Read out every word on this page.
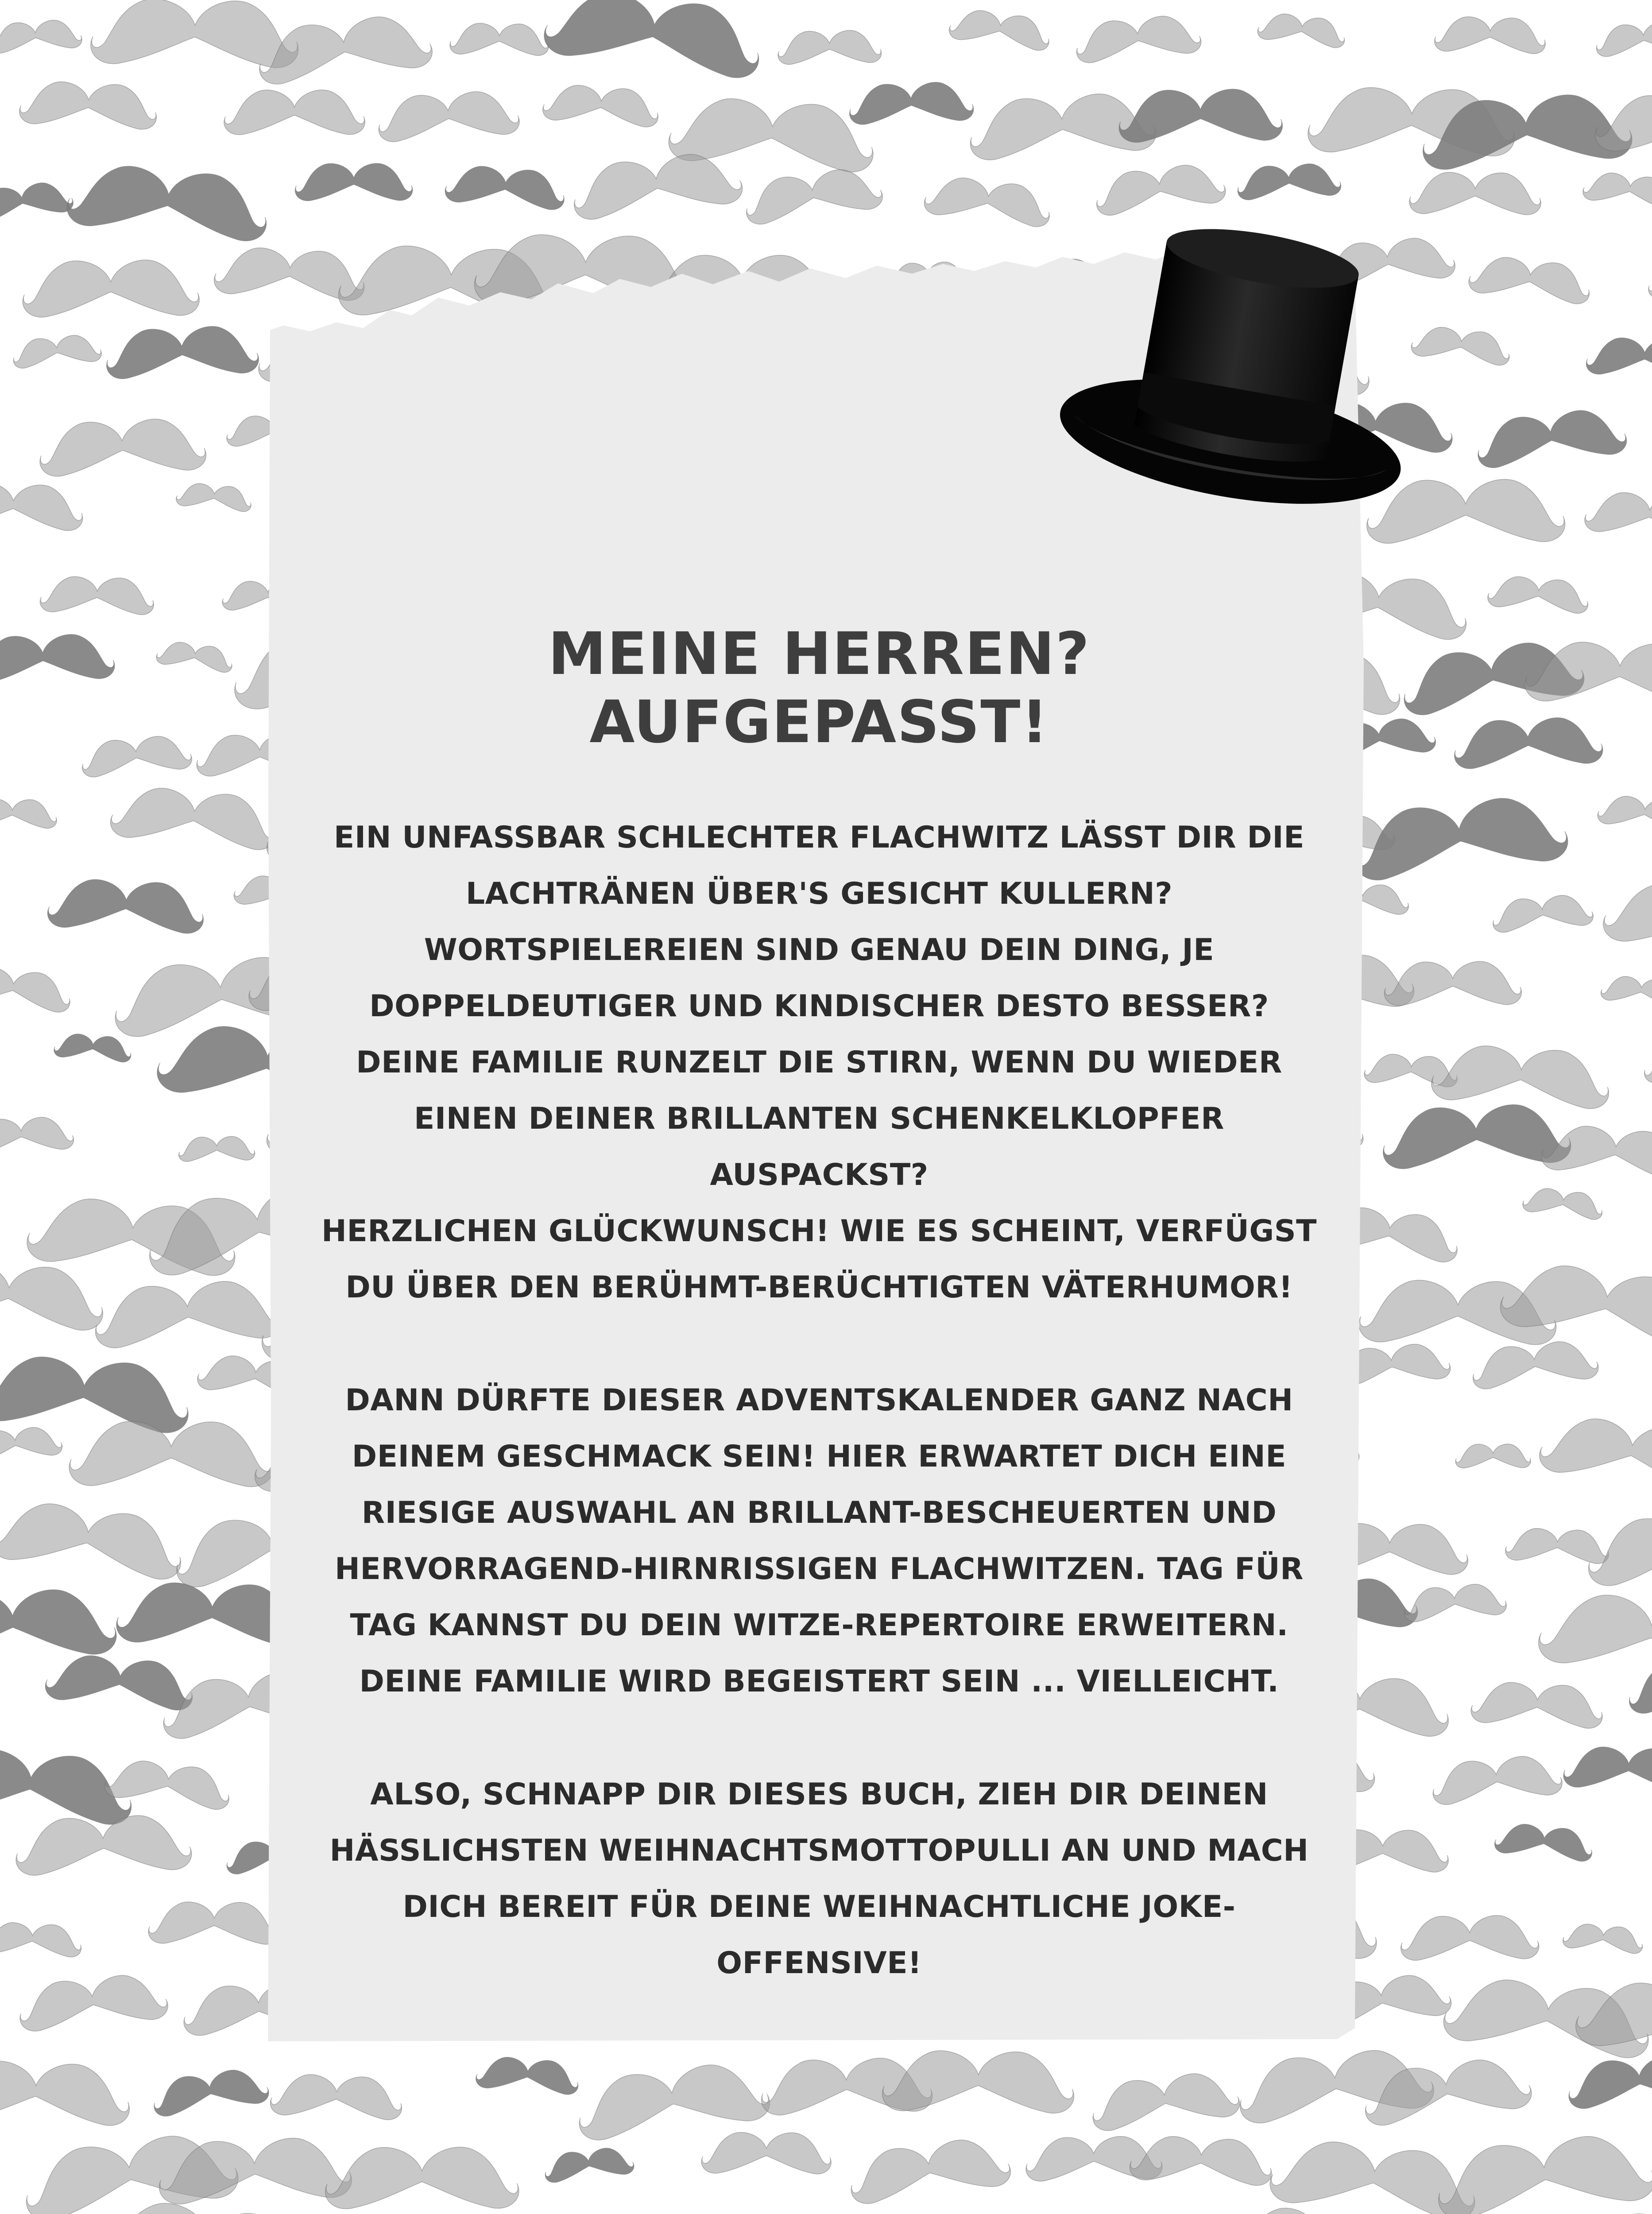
MEINE HERREN? AUFGEPASST!
EIN UNFASSBAR SCHLECHTER FLACHWITZ LÄSST DIR DIE
LACHTRÄNEN ÜBER'S GESICHT KULLERN?
WORTSPIELEREIEN SIND GENAU DEIN DING, JE
DOPPELDEUTIGER UND KINDISCHER DESTO BESSER?
DEINE FAMILIE RUNZELT DIE STIRN, WENN DU WIEDER
EINEN DEINER BRILLANTEN SCHENKELKLOPFER
AUSPACKST?
HERZLICHEN GLÜCKWUNSCH! WIE ES SCHEINT, VERFÜGST
DU ÜBER DEN BERÜHMT-BERÜCHTIGTEN VÄTERHUMOR!
DANN DÜRFTE DIESER ADVENTSKALENDER GANZ NACH
DEINEM GESCHMACK SEIN! HIER ERWARTET DICH EINE
RIESIGE AUSWAHL AN BRILLANT-BESCHEUERTEN UND
HERVORRAGEND-HIRNRISSIGEN FLACHWITZEN. TAG FÜR
TAG KANNST DU DEIN WITZE-REPERTOIRE ERWEITERN.
DEINE FAMILIE WIRD BEGEISTERT SEIN ... VIELLEICHT.
ALSO, SCHNAPP DIR DIESES BUCH, ZIEH DIR DEINEN
HÄSSLICHSTEN WEIHNACHTSMOTTOPULLI AN UND MACH
DICH BEREIT FÜR DEINE WEIHNACHTLICHE JOKE-
OFFENSIVE!
